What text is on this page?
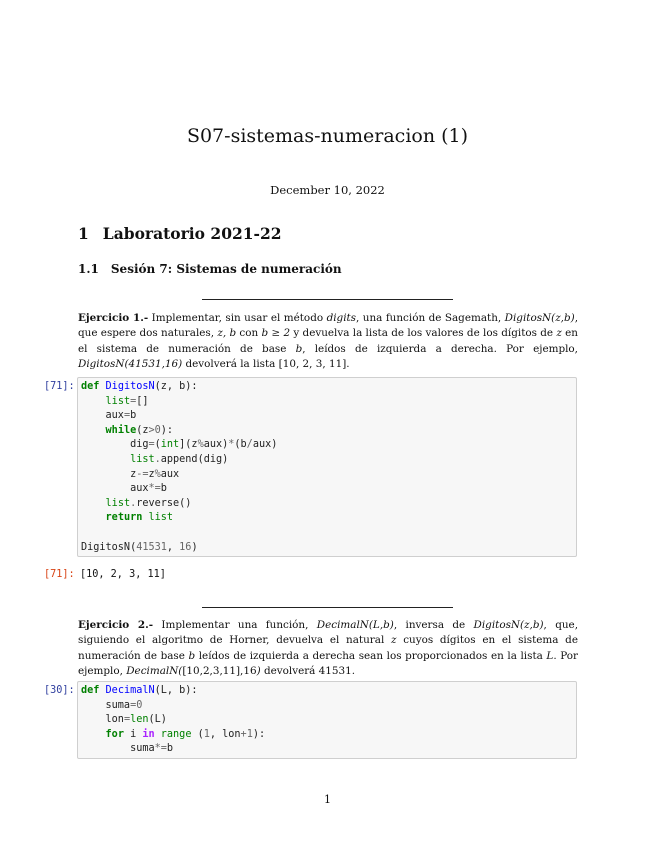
S07-sistemas-numeracion (1)
December 10, 2022
1 Laboratorio 2021-22
1.1 Sesión 7: Sistemas de numeración
Ejercicio 1.- Implementar, sin usar el método digits, una función de Sagemath, DigitosN(z,b), que espere dos naturales, z, b con b ≥ 2 y devuelva la lista de los valores de los dígitos de z en el sistema de numeración de base b, leídos de izquierda a derecha. Por ejemplo, DigitosN(41531,16) devolverá la lista [10, 2, 3, 11].
[71]: def DigitosN(z, b):
list=[]
aux=b
while(z>0):
dig=(int](z%aux)*(b/aux)
list.append(dig)
z-=z%aux
aux*=b
list.reverse()
return list

DigitosN(41531, 16)
[71]: [10, 2, 3, 11]
Ejercicio 2.- Implementar una función, DecimalN(L,b), inversa de DigitosN(z,b), que, siguiendo el algoritmo de Horner, devuelva el natural z cuyos dígitos en el sistema de numeración de base b leídos de izquierda a derecha sean los proporcionados en la lista L. Por ejemplo, DecimalN([10,2,3,11],16) devolverá 41531.
[30]: def DecimalN(L, b):
suma=0
lon=len(L)
for i in range (1, lon+1):
suma*=b
1
